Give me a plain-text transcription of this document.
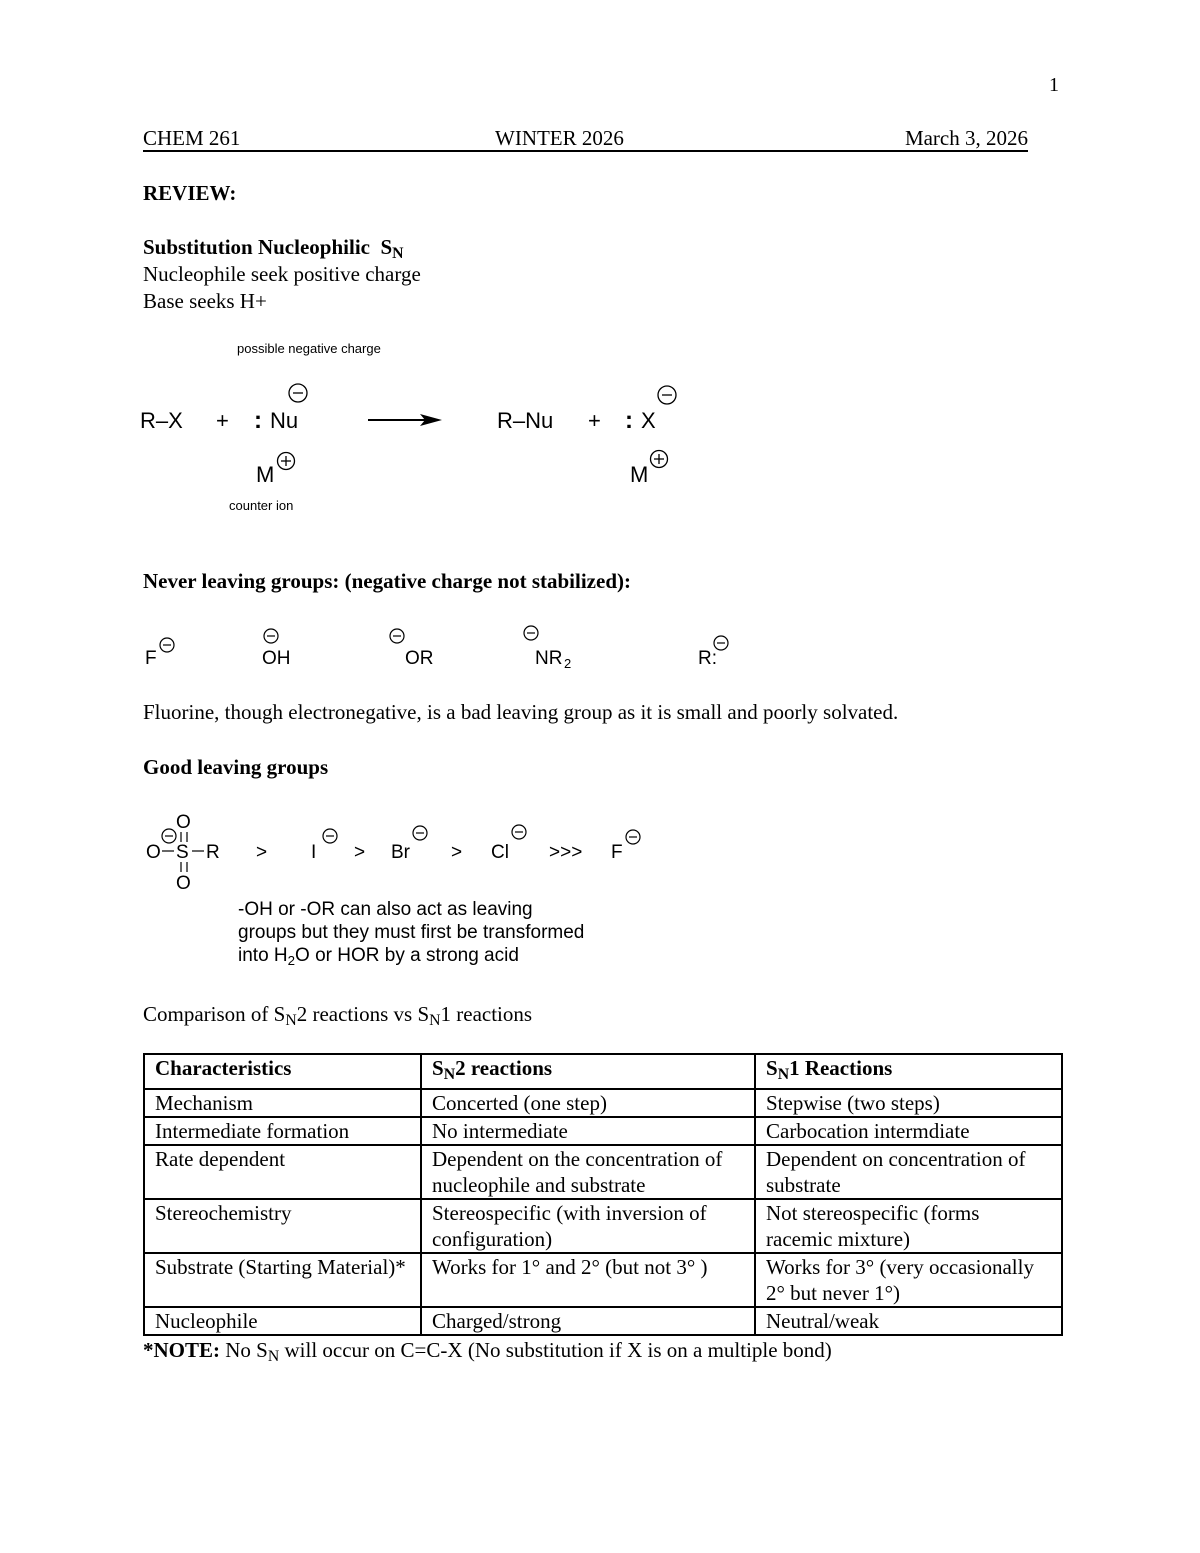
1
CHEM 261	WINTER 2026	March 3, 2026
REVIEW:
Substitution Nucleophilic $S_N$
Nucleophile seek positive charge
Base seeks H+
possible negative charge
R–X + : Nu
M
counter ion
R–Nu + : X
M
Never leaving groups: (negative charge not stabilized):
F	OH	OR	NR 2	R:
Fluorine, though electronegative, is a bad leaving group as it is small and poorly solvated.
Good leaving groups
O
O S R
O
> I > Br > Cl >>> F
-OH or -OR can also act as leaving
groups but they must first be transformed
into $H_2O$ or HOR by a strong acid
Comparison of $S_N2$ reactions vs $S_N1$ reactions
Characteristics	$S_N2$ reactions	$S_N1$ Reactions
Mechanism	Concerted (one step)	Stepwise (two steps)
Intermediate formation	No intermediate	Carbocation intermdiate
Rate dependent	Dependent on the concentration of nucleophile and substrate	Dependent on concentration of substrate
Stereochemistry	Stereospecific (with inversion of configuration)	Not stereospecific (forms racemic mixture)
Substrate (Starting Material)*	Works for 1° and 2° (but not 3° )	Works for 3° (very occasionally 2° but never 1°)
Nucleophile	Charged/strong	Neutral/weak
*NOTE: No $S_N$ will occur on C=C-X (No substitution if X is on a multiple bond)
